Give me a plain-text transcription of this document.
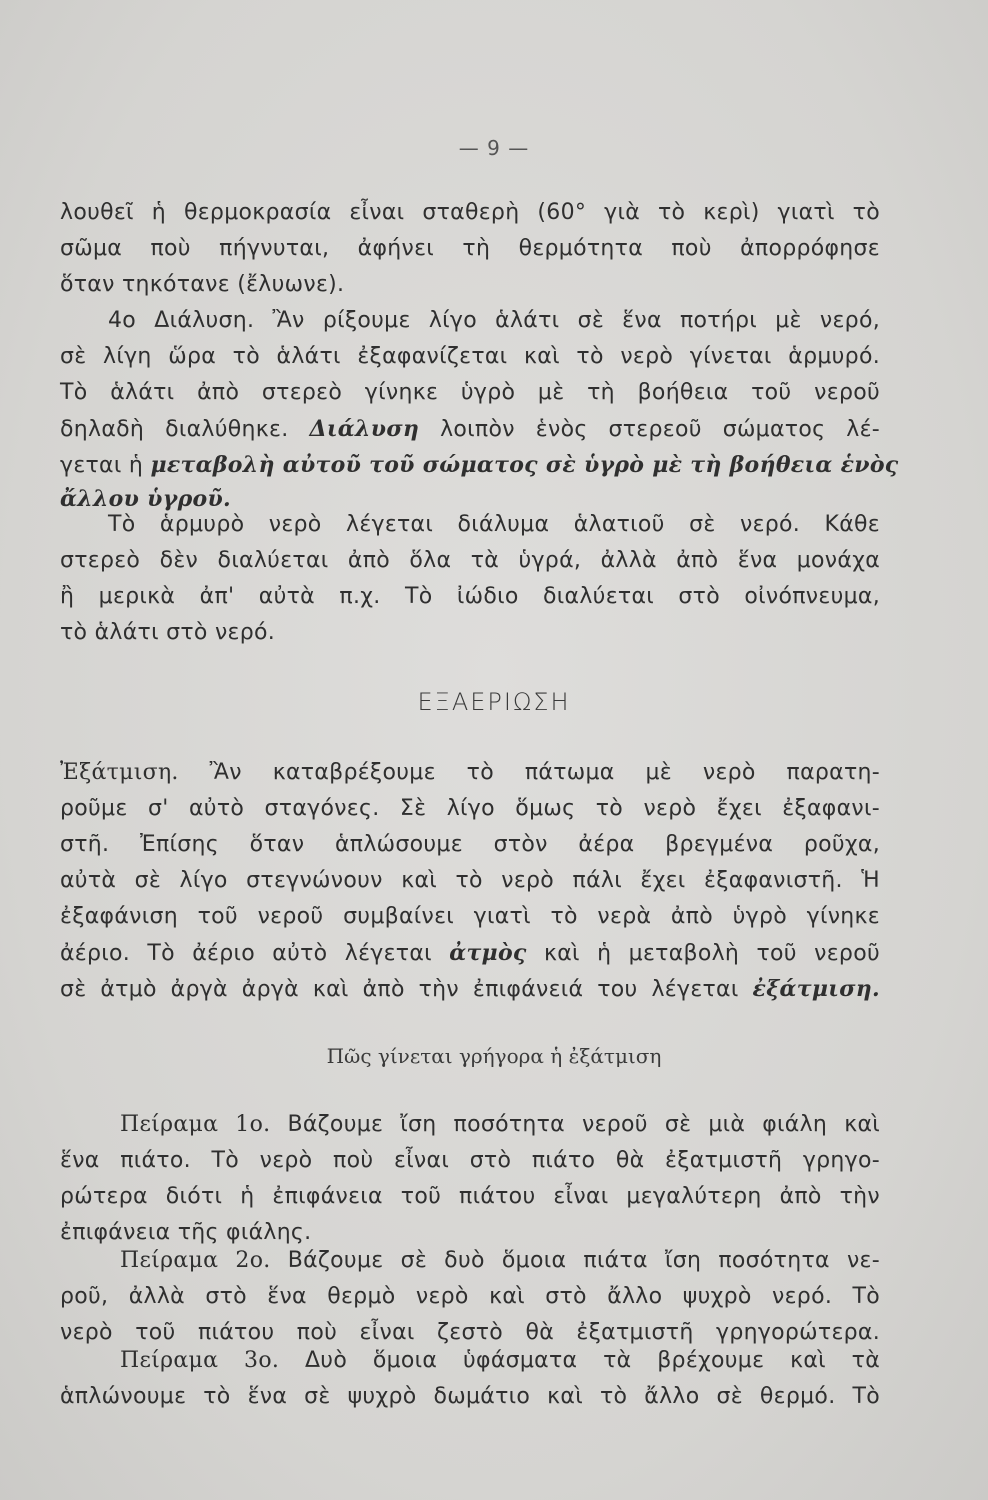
— 9 —
λουθεῖ ἡ θερμοκρασία εἶναι σταθερὴ (60° γιὰ τὸ κερὶ) γιατὶ τὸ
σῶμα ποὺ πήγνυται, ἀφήνει τὴ θερμότητα ποὺ ἀπορρόφησε
ὅταν τηκότανε (ἔλυωνε).
4ο Διάλυση. Ἂν ρίξουμε λίγο ἁλάτι σὲ ἕνα ποτήρι μὲ νερό,
σὲ λίγη ὥρα τὸ ἁλάτι ἐξαφανίζεται καὶ τὸ νερὸ γίνεται ἁρμυρό.
Τὸ ἁλάτι ἀπὸ στερεὸ γίνηκε ὑγρὸ μὲ τὴ βοήθεια τοῦ νεροῦ
δηλαδὴ διαλύθηκε. Διάλυση λοιπὸν ἑνὸς στερεοῦ σώματος λέ-
γεται ἡ μεταβολὴ αὐτοῦ τοῦ σώματος σὲ ὑγρὸ μὲ τὴ βοήθεια ἑνὸς
ἄλλου ὑγροῦ.
Τὸ ἁρμυρὸ νερὸ λέγεται διάλυμα ἁλατιοῦ σὲ νερό. Κάθε
στερεὸ δὲν διαλύεται ἀπὸ ὅλα τὰ ὑγρά, ἀλλὰ ἀπὸ ἕνα μονάχα
ἢ μερικὰ ἀπ' αὐτὰ π.χ. Τὸ ἰώδιο διαλύεται στὸ οἰνόπνευμα,
τὸ ἁλάτι στὸ νερό.
ΕΞΑΕΡΙΩΣΗ
Ἐξάτμιση. Ἂν καταβρέξουμε τὸ πάτωμα μὲ νερὸ παρατη-
ροῦμε σ' αὐτὸ σταγόνες. Σὲ λίγο ὅμως τὸ νερὸ ἔχει ἐξαφανι-
στῆ. Ἐπίσης ὅταν ἁπλώσουμε στὸν ἀέρα βρεγμένα ροῦχα,
αὐτὰ σὲ λίγο στεγνώνουν καὶ τὸ νερὸ πάλι ἔχει ἐξαφανιστῆ. Ἡ
ἐξαφάνιση τοῦ νεροῦ συμβαίνει γιατὶ τὸ νερὰ ἀπὸ ὑγρὸ γίνηκε
ἀέριο. Τὸ ἀέριο αὐτὸ λέγεται ἀτμὸς καὶ ἡ μεταβολὴ τοῦ νεροῦ
σὲ ἀτμὸ ἀργὰ ἀργὰ καὶ ἀπὸ τὴν ἐπιφάνειά του λέγεται ἐξάτμιση.
Πῶς γίνεται γρήγορα ἡ ἐξάτμιση
Πείραμα 1ο. Βάζουμε ἴση ποσότητα νεροῦ σὲ μιὰ φιάλη καὶ
ἕνα πιάτο. Τὸ νερὸ ποὺ εἶναι στὸ πιάτο θὰ ἐξατμιστῆ γρηγο-
ρώτερα διότι ἡ ἐπιφάνεια τοῦ πιάτου εἶναι μεγαλύτερη ἀπὸ τὴν
ἐπιφάνεια τῆς φιάλης.
Πείραμα 2ο. Βάζουμε σὲ δυὸ ὅμοια πιάτα ἴση ποσότητα νε-
ροῦ, ἀλλὰ στὸ ἕνα θερμὸ νερὸ καὶ στὸ ἄλλο ψυχρὸ νερό. Τὸ
νερὸ τοῦ πιάτου ποὺ εἶναι ζεστὸ θὰ ἐξατμιστῆ γρηγορώτερα.
Πείραμα 3ο. Δυὸ ὅμοια ὑφάσματα τὰ βρέχουμε καὶ τὰ
ἁπλώνουμε τὸ ἕνα σὲ ψυχρὸ δωμάτιο καὶ τὸ ἄλλο σὲ θερμό. Τὸ
